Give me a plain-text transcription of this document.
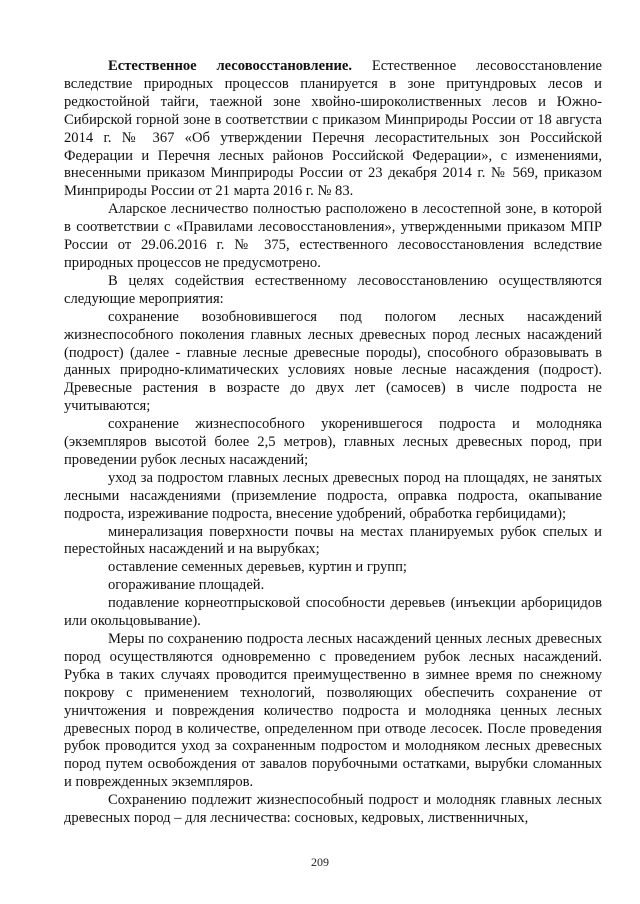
Естественное лесовосстановление. Естественное лесовосстановление вследствие природных процессов планируется в зоне притундровых лесов и редкостойной тайги, таежной зоне хвойно-широколиственных лесов и Южно-Сибирской горной зоне в соответствии с приказом Минприроды России от 18 августа 2014 г. № 367 «Об утверждении Перечня лесорастительных зон Российской Федерации и Перечня лесных районов Российской Федерации», с изменениями, внесенными приказом Минприроды России от 23 декабря 2014 г. № 569, приказом Минприроды России от 21 марта 2016 г. № 83.

Аларское лесничество полностью расположено в лесостепной зоне, в которой в соответствии с «Правилами лесовосстановления», утвержденными приказом МПР России от 29.06.2016 г. № 375, естественного лесовосстановления вследствие природных процессов не предусмотрено.

В целях содействия естественному лесовосстановлению осуществляются следующие мероприятия:

сохранение возобновившегося под пологом лесных насаждений жизнеспособного поколения главных лесных древесных пород лесных насаждений (подрост) (далее - главные лесные древесные породы), способного образовывать в данных природно-климатических условиях новые лесные насаждения (подрост). Древесные растения в возрасте до двух лет (самосев) в числе подроста не учитываются;

сохранение жизнеспособного укоренившегося подроста и молодняка (экземпляров высотой более 2,5 метров), главных лесных древесных пород, при проведении рубок лесных насаждений;

уход за подростом главных лесных древесных пород на площадях, не занятых лесными насаждениями (приземление подроста, оправка подроста, окапывание подроста, изреживание подроста, внесение удобрений, обработка гербицидами);

минерализация поверхности почвы на местах планируемых рубок спелых и перестойных насаждений и на вырубках;

оставление семенных деревьев, куртин и групп;

огораживание площадей.

подавление корнеотпрысковой способности деревьев (инъекции арборицидов или окольцовывание).

Меры по сохранению подроста лесных насаждений ценных лесных древесных пород осуществляются одновременно с проведением рубок лесных насаждений. Рубка в таких случаях проводится преимущественно в зимнее время по снежному покрову с применением технологий, позволяющих обеспечить сохранение от уничтожения и повреждения количество подроста и молодняка ценных лесных древесных пород в количестве, определенном при отводе лесосек. После проведения рубок проводится уход за сохраненным подростом и молодняком лесных древесных пород путем освобождения от завалов порубочными остатками, вырубки сломанных и поврежденных экземпляров.

Сохранению подлежит жизнеспособный подрост и молодняк главных лесных древесных пород – для лесничества: сосновых, кедровых, лиственничных,

209
